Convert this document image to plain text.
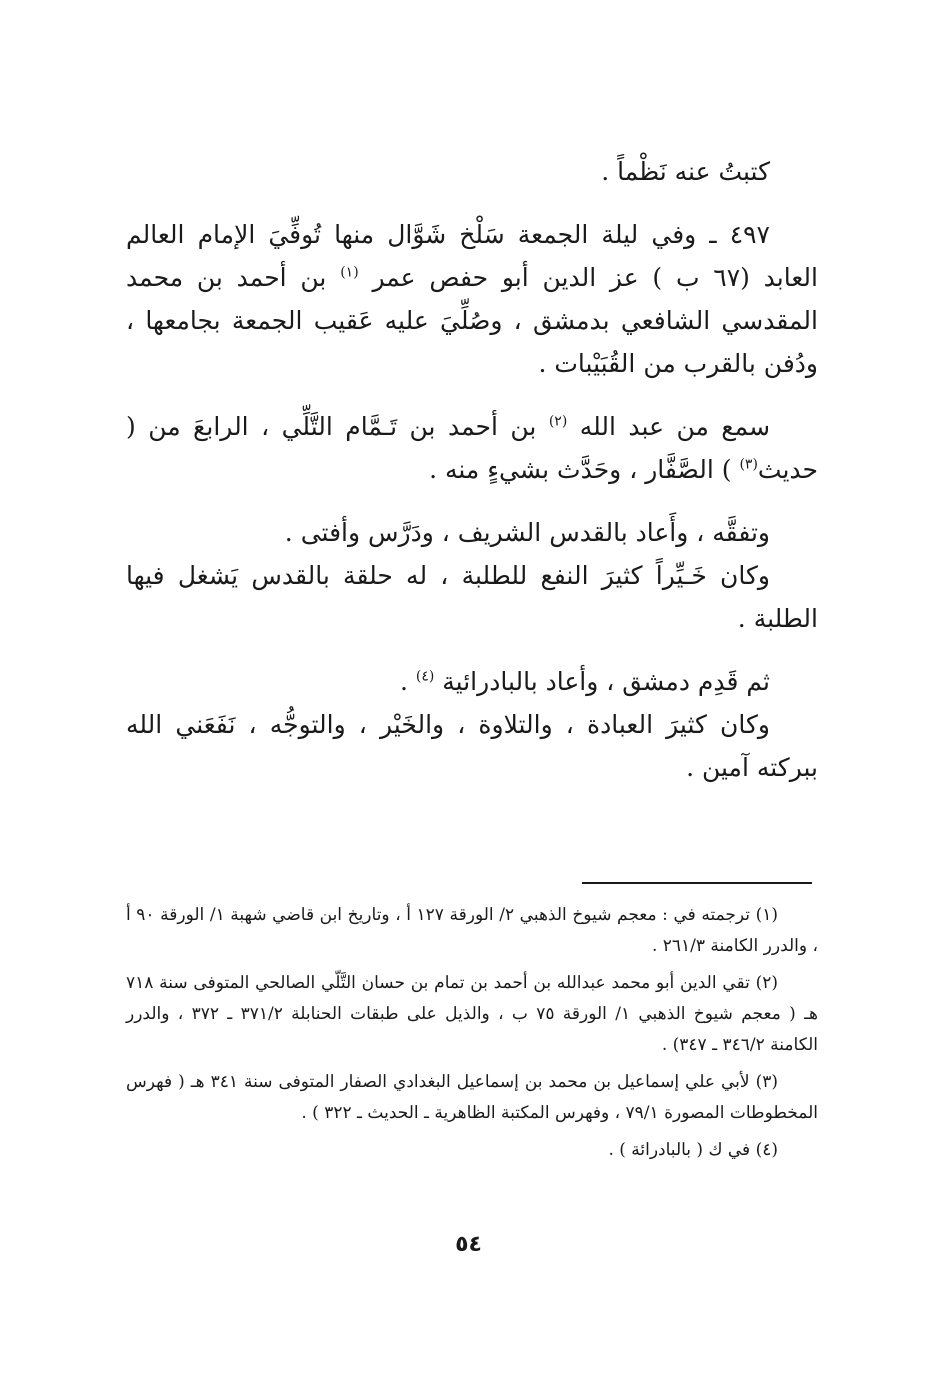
كتبتُ عنه نَظْماً .

٤٩٧ ـ وفي ليلة الجمعة سَلْخ شَوَّال منها تُوفِّيَ الإمام العالم العابد (٦٧ ب ) عز الدين أبو حفص عمر $^{(١)}$ بن أحمد بن محمد المقدسي الشافعي بدمشق ، وصُلِّيَ عليه عَقيب الجمعة بجامعها ، ودُفن بالقرب من القُبَيْبات .

سمع من عبد الله $^{(٢)}$ بن أحمد بن تَـمَّام التَّلِّي ، الرابعَ من ( حديث$^{(٣)}$ ) الصَّفَّار ، وحَدَّث بشيءٍ منه .

وتفقَّه ، وأَعاد بالقدس الشريف ، ودَرَّس وأفتى .

وكان خَـيِّراً كثيرَ النفع للطلبة ، له حلقة بالقدس يَشغل فيها الطلبة .

ثم قَدِم دمشق ، وأعاد بالبادرائية $^{(٤)}$ .

وكان كثيرَ العبادة ، والتلاوة ، والخَيْر ، والتوجُّه ، نَفَعَني الله ببركته آمين .

(١) ترجمته في : معجم شيوخ الذهبي ٢/ الورقة ١٢٧ أ ، وتاريخ ابن قاضي شهبة ١/ الورقة ٩٠ أ ، والدرر الكامنة ٢٦١/٣ .

(٢) تقي الدين أبو محمد عبدالله بن أحمد بن تمام بن حسان التَّلّي الصالحي المتوفى سنة ٧١٨ هـ ( معجم شيوخ الذهبي ١/ الورقة ٧٥ ب ، والذيل على طبقات الحنابلة ٣٧١/٢ ـ ٣٧٢ ، والدرر الكامنة ٣٤٦/٢ ـ ٣٤٧) .

(٣) لأبي علي إسماعيل بن محمد بن إسماعيل البغدادي الصفار المتوفى سنة ٣٤١ هـ ( فهرس المخطوطات المصورة ٧٩/١ ، وفهرس المكتبة الظاهرية ـ الحديث ـ ٣٢٢ ) .

(٤) في ك ( بالبادرائة ) .

٥٤
